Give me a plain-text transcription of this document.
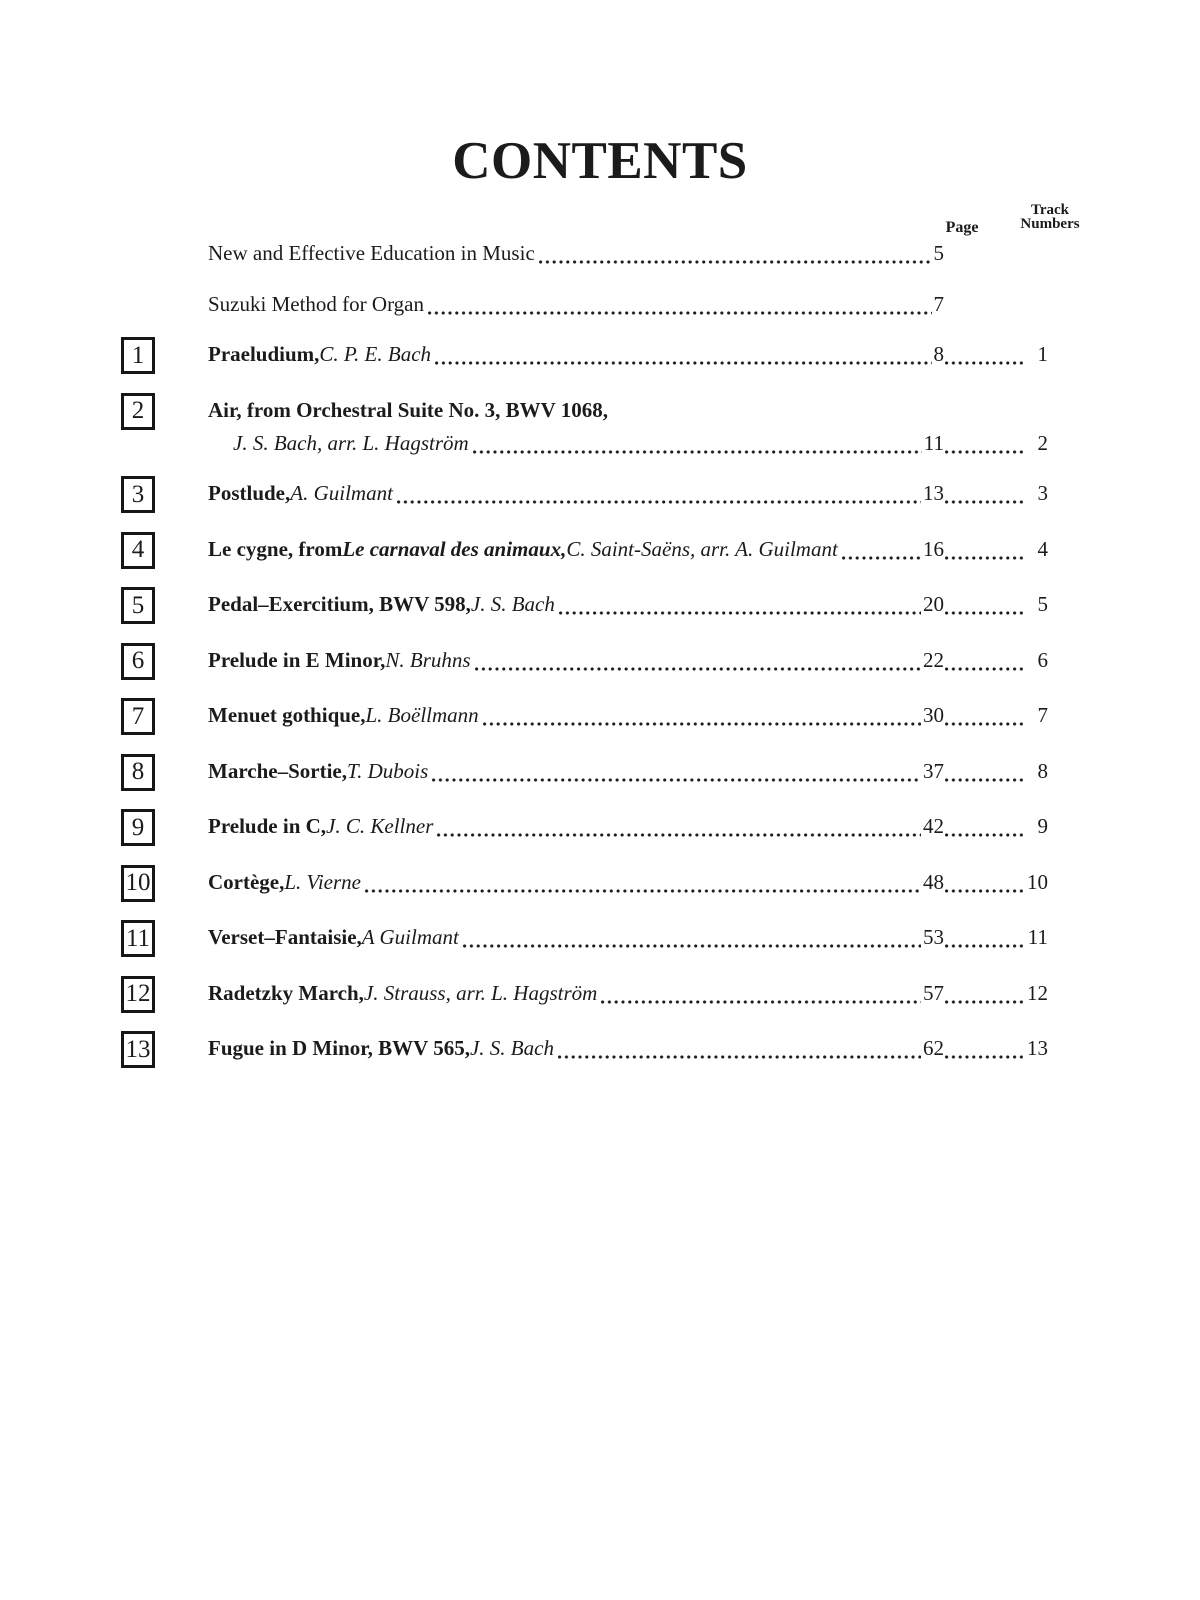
CONTENTS
Page
Track
Numbers
New and Effective Education in Music	5
Suzuki Method for Organ	7
1	Praeludium, C. P. E. Bach	8	1
2	Air, from Orchestral Suite No. 3, BWV 1068,
J. S. Bach, arr. L. Hagström	11	2
3	Postlude, A. Guilmant	13	3
4	Le cygne, from Le carnaval des animaux, C. Saint-Saëns, arr. A. Guilmant	16	4
5	Pedal–Exercitium, BWV 598, J. S. Bach	20	5
6	Prelude in E Minor, N. Bruhns	22	6
7	Menuet gothique, L. Boëllmann	30	7
8	Marche–Sortie, T. Dubois	37	8
9	Prelude in C, J. C. Kellner	42	9
10	Cortège, L. Vierne	48	10
11	Verset–Fantaisie, A Guilmant	53	11
12	Radetzky March, J. Strauss, arr. L. Hagström	57	12
13	Fugue in D Minor, BWV 565, J. S. Bach	62	13
